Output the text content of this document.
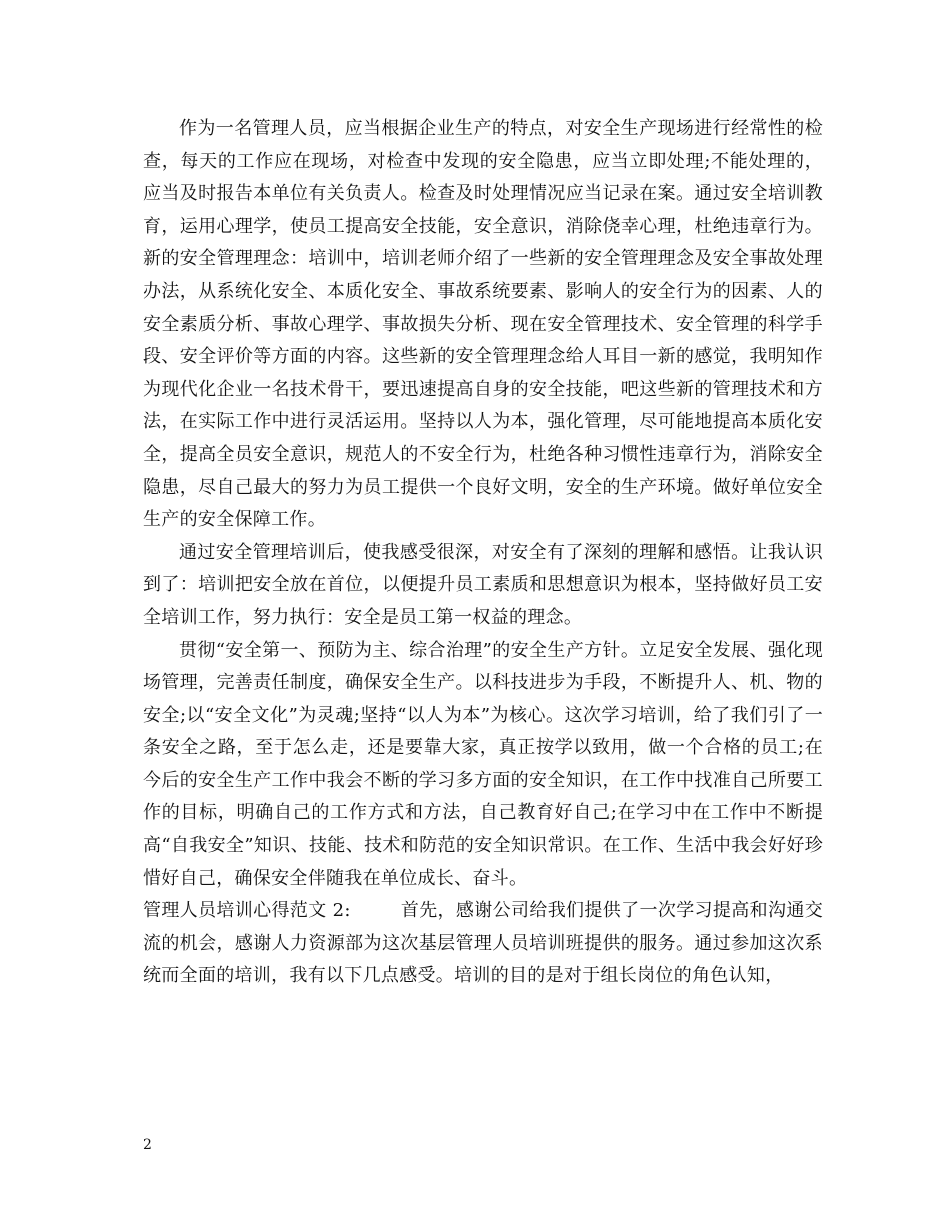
作为一名管理人员，应当根据企业生产的特点，对安全生产现场进行经常性的检查，每天的工作应在现场，对检查中发现的安全隐患，应当立即处理;不能处理的，应当及时报告本单位有关负责人。检查及时处理情况应当记录在案。通过安全培训教育，运用心理学，使员工提高安全技能，安全意识，消除侥幸心理，杜绝违章行为。新的安全管理理念：培训中，培训老师介绍了一些新的安全管理理念及安全事故处理办法，从系统化安全、本质化安全、事故系统要素、影响人的安全行为的因素、人的安全素质分析、事故心理学、事故损失分析、现在安全管理技术、安全管理的科学手段、安全评价等方面的内容。这些新的安全管理理念给人耳目一新的感觉，我明知作为现代化企业一名技术骨干，要迅速提高自身的安全技能，吧这些新的管理技术和方法，在实际工作中进行灵活运用。坚持以人为本，强化管理，尽可能地提高本质化安全，提高全员安全意识，规范人的不安全行为，杜绝各种习惯性违章行为，消除安全隐患，尽自己最大的努力为员工提供一个良好文明，安全的生产环境。做好单位安全生产的安全保障工作。

通过安全管理培训后，使我感受很深，对安全有了深刻的理解和感悟。让我认识到了：培训把安全放在首位，以便提升员工素质和思想意识为根本，坚持做好员工安全培训工作，努力执行：安全是员工第一权益的理念。

贯彻“安全第一、预防为主、综合治理”的安全生产方针。立足安全发展、强化现场管理，完善责任制度，确保安全生产。以科技进步为手段，不断提升人、机、物的安全;以“安全文化”为灵魂;坚持“以人为本”为核心。这次学习培训，给了我们引了一条安全之路，至于怎么走，还是要靠大家，真正按学以致用，做一个合格的员工;在今后的安全生产工作中我会不断的学习多方面的安全知识，在工作中找准自己所要工作的目标，明确自己的工作方式和方法，自己教育好自己;在学习中在工作中不断提高“自我安全”知识、技能、技术和防范的安全知识常识。在工作、生活中我会好好珍惜好自己，确保安全伴随我在单位成长、奋斗。

管理人员培训心得范文 2:	首先，感谢公司给我们提供了一次学习提高和沟通交流的机会，感谢人力资源部为这次基层管理人员培训班提供的服务。通过参加这次系统而全面的培训，我有以下几点感受。培训的目的是对于组长岗位的角色认知，

2
